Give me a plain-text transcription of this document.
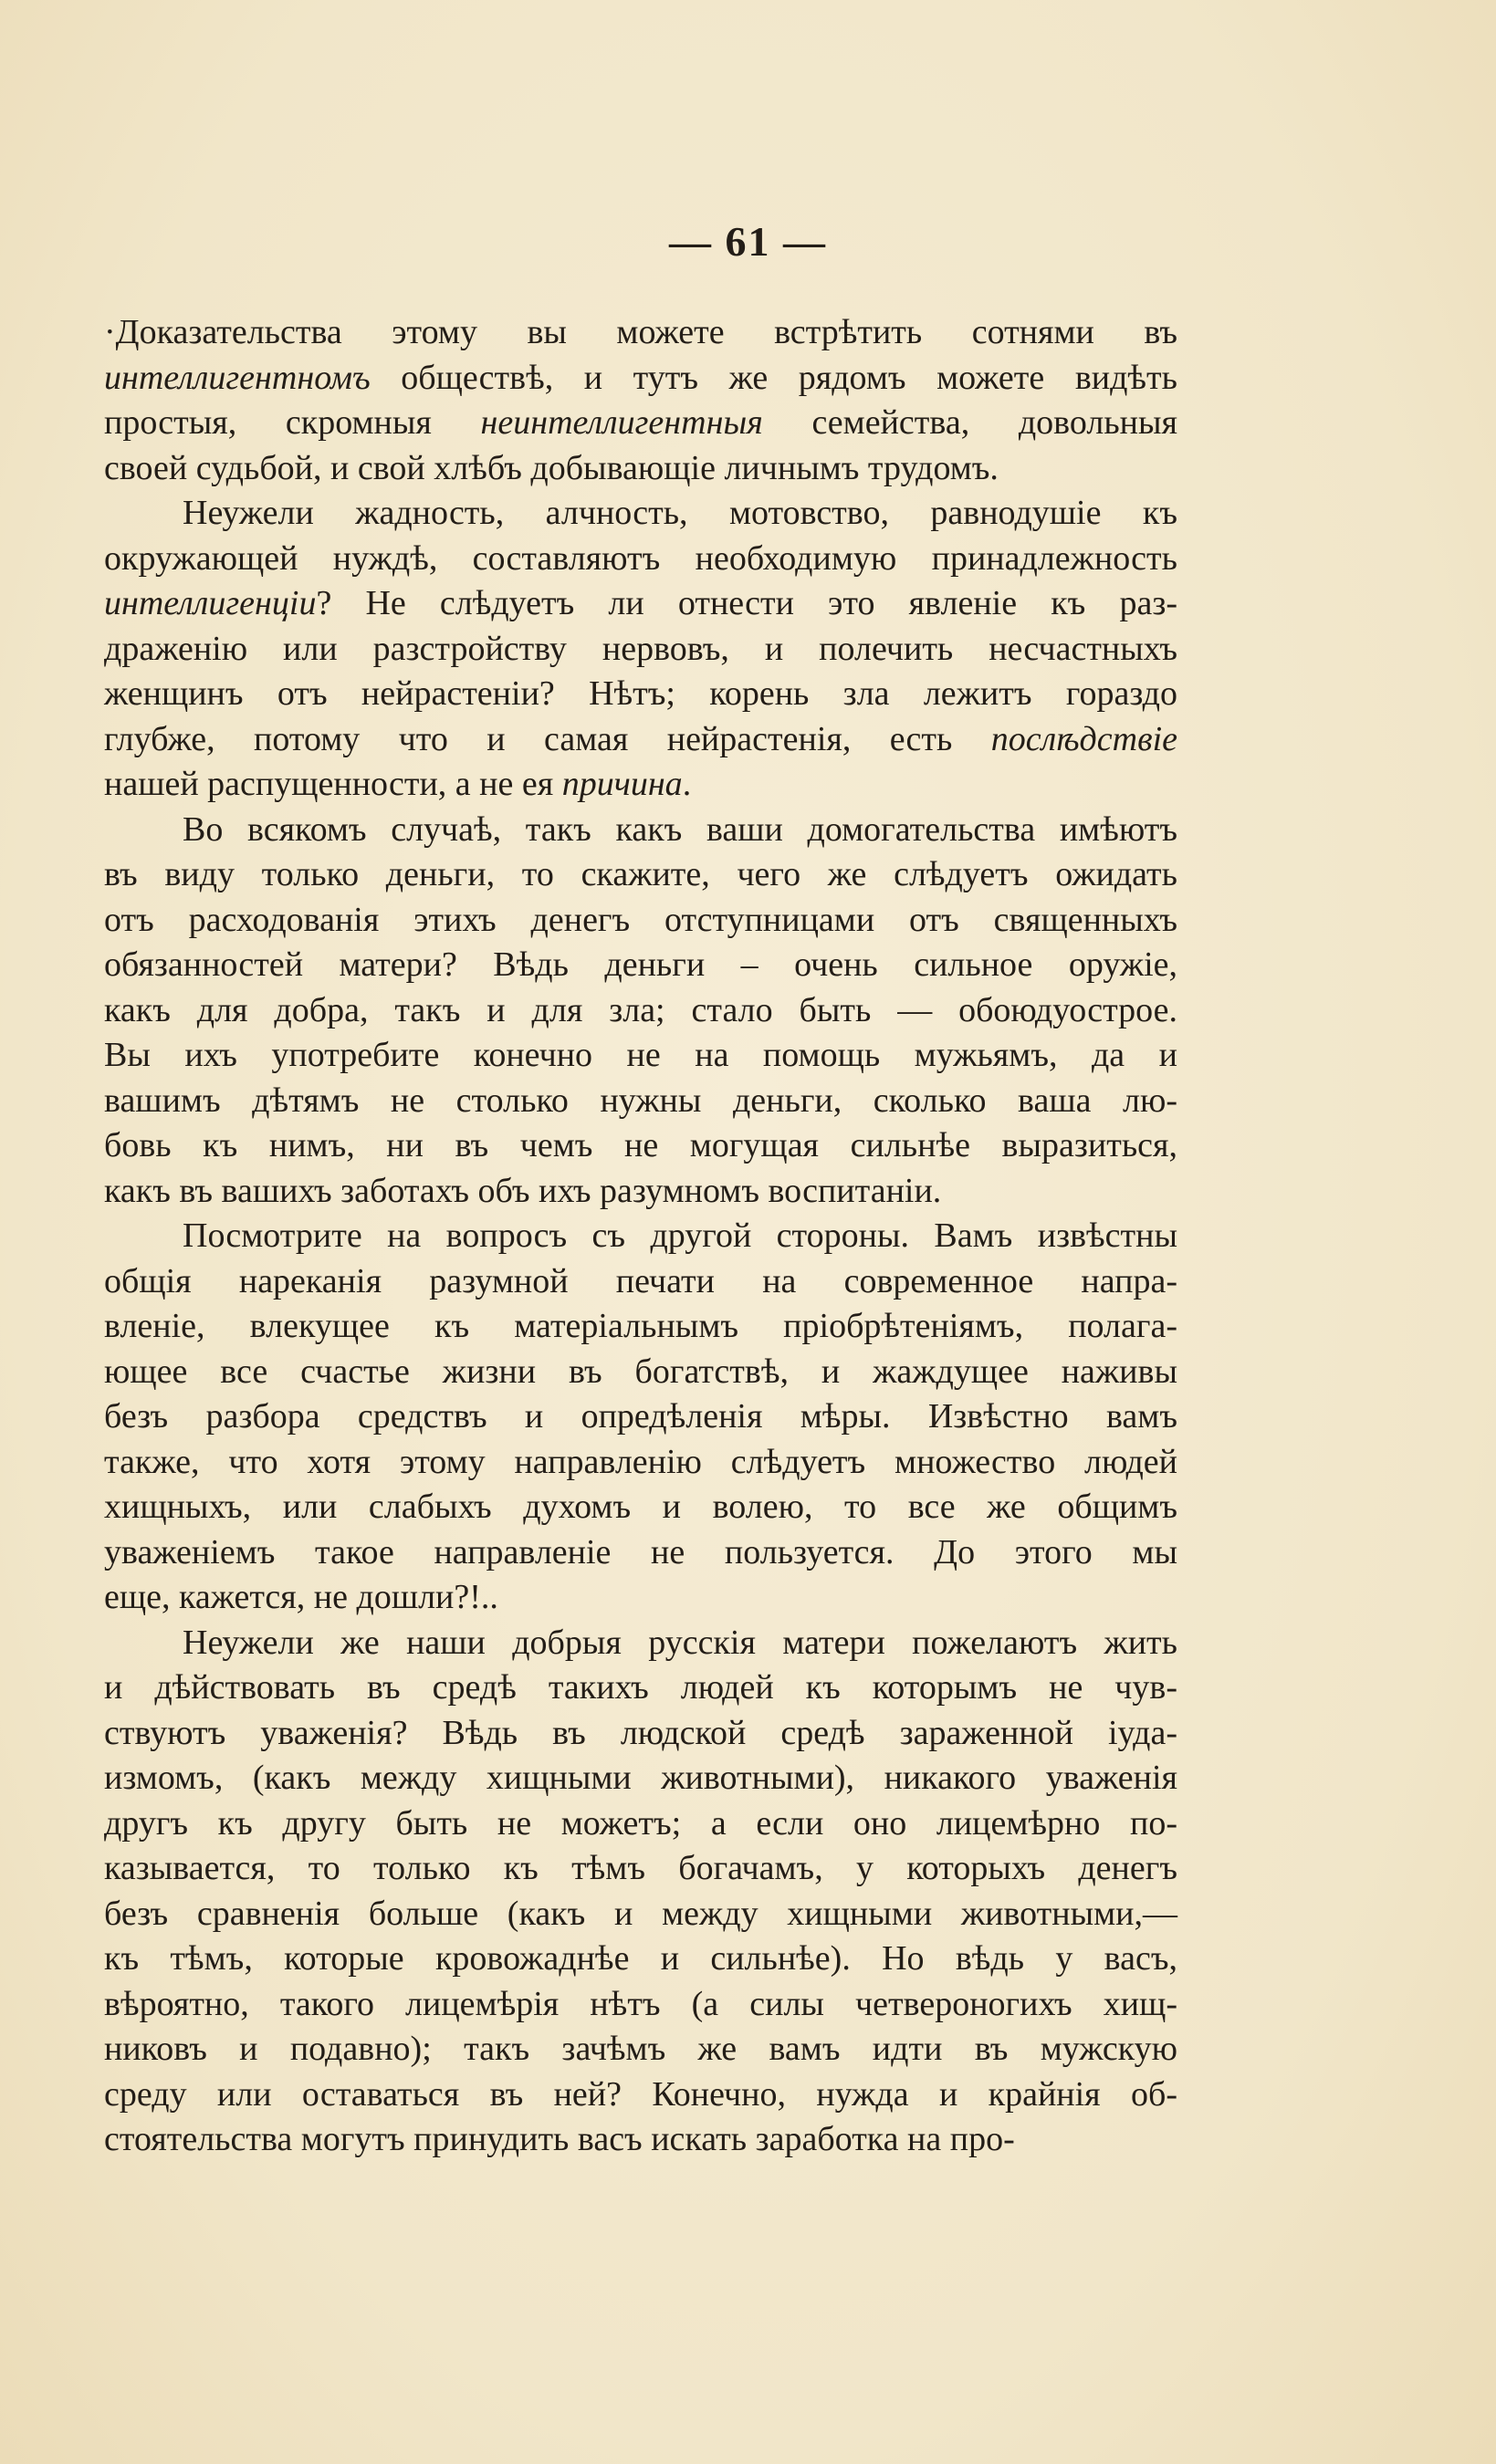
— 61 —
·Доказательства этому вы можете встрѣтить сотнями въ
интеллигентномъ обществѣ, и тутъ же рядомъ можете видѣть
простыя, скромныя неинтеллигентныя семейства, довольныя
своей судьбой, и свой хлѣбъ добывающіе личнымъ трудомъ.
Неужели жадность, алчность, мотовство, равнодушіе къ
окружающей нуждѣ, составляютъ необходимую принадлежность
интеллигенціи? Не слѣдуетъ ли отнести это явленіе къ раз-
драженію или разстройству нервовъ, и полечить несчастныхъ
женщинъ отъ нейрастеніи? Нѣтъ; корень зла лежитъ гораздо
глубже, потому что и самая нейрастенія, есть послѣдствіе
нашей распущенности, а не ея причина.
Во всякомъ случаѣ, такъ какъ ваши домогательства имѣютъ
въ виду только деньги, то скажите, чего же слѣдуетъ ожидать
отъ расходованія этихъ денегъ отступницами отъ священныхъ
обязанностей матери? Вѣдь деньги – очень сильное оружіе,
какъ для добра, такъ и для зла; стало быть — обоюдуострое.
Вы ихъ употребите конечно не на помощь мужьямъ, да и
вашимъ дѣтямъ не столько нужны деньги, сколько ваша лю-
бовь къ нимъ, ни въ чемъ не могущая сильнѣе выразиться,
какъ въ вашихъ заботахъ объ ихъ разумномъ воспитаніи.
Посмотрите на вопросъ съ другой стороны. Вамъ извѣстны
общія нареканія разумной печати на современное напра-
вленіе, влекущее къ матеріальнымъ пріобрѣтеніямъ, полага-
ющее все счастье жизни въ богатствѣ, и жаждущее наживы
безъ разбора средствъ и опредѣленія мѣры. Извѣстно вамъ
также, что хотя этому направленію слѣдуетъ множество людей
хищныхъ, или слабыхъ духомъ и волею, то все же общимъ
уваженіемъ такое направленіе не пользуется. До этого мы
еще, кажется, не дошли?!..
Неужели же наши добрыя русскія матери пожелаютъ жить
и дѣйствовать въ средѣ такихъ людей къ которымъ не чув-
ствуютъ уваженія? Вѣдь въ людской средѣ зараженной іуда-
измомъ, (какъ между хищными животными), никакого уваженія
другъ къ другу быть не можетъ; а если оно лицемѣрно по-
казывается, то только къ тѣмъ богачамъ, у которыхъ денегъ
безъ сравненія больше (какъ и между хищными животными,—
къ тѣмъ, которые кровожаднѣе и сильнѣе). Но вѣдь у васъ,
вѣроятно, такого лицемѣрія нѣтъ (а силы четвероногихъ хищ-
никовъ и подавно); такъ зачѣмъ же вамъ идти въ мужскую
среду или оставаться въ ней? Конечно, нужда и крайнія об-
стоятельства могутъ принудить васъ искать заработка на про-
